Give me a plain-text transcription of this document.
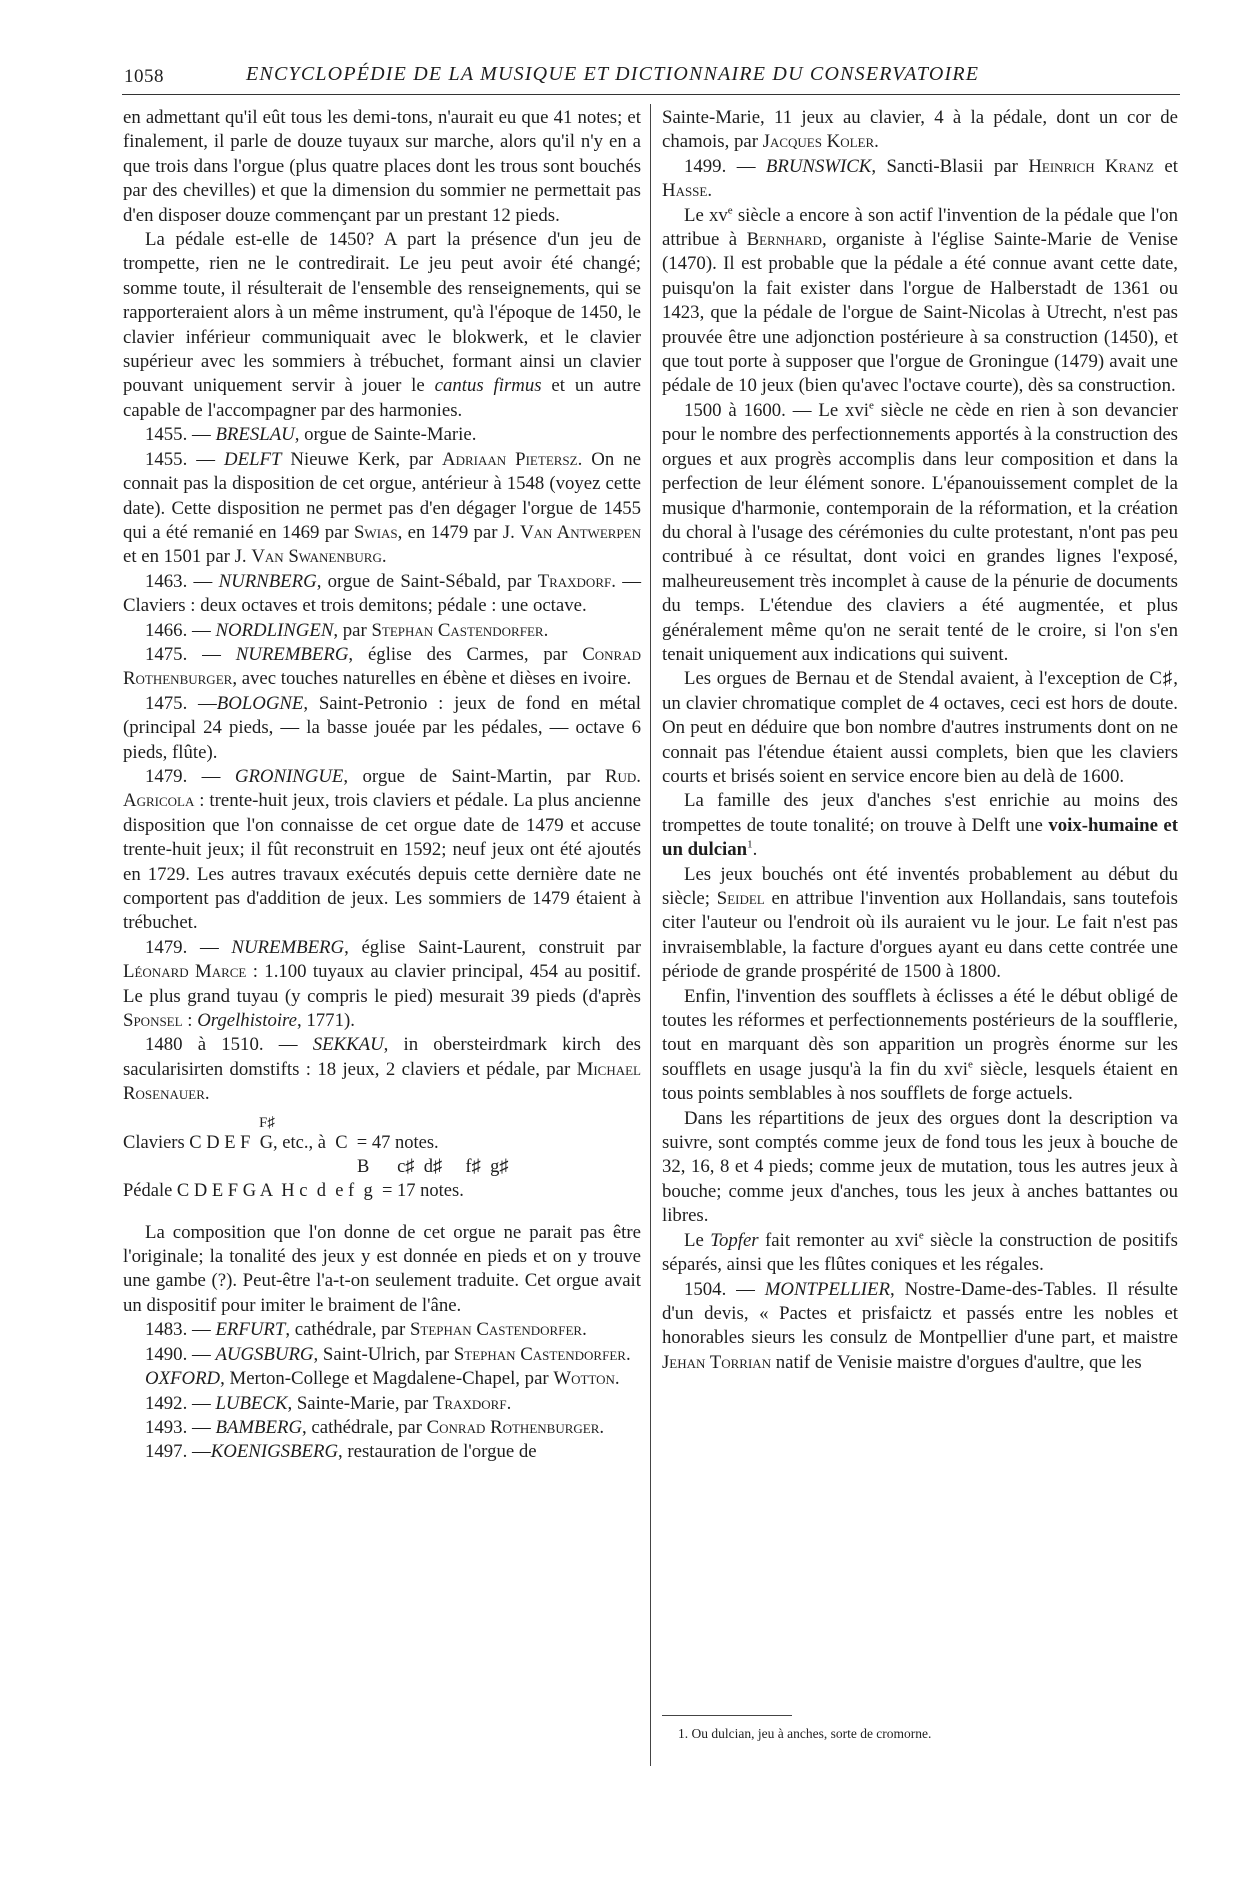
1058	ENCYCLOPÉDIE DE LA MUSIQUE ET DICTIONNAIRE DU CONSERVATOIRE

en admettant qu'il eût tous les demi-tons, n'aurait eu que 41 notes; et finalement, il parle de douze tuyaux sur marche, alors qu'il n'y en a que trois dans l'orgue (plus quatre places dont les trous sont bouchés par des chevilles) et que la dimension du sommier ne permettait pas d'en disposer douze commençant par un prestant 12 pieds.

La pédale est-elle de 1450? A part la présence d'un jeu de trompette, rien ne le contredirait. Le jeu peut avoir été changé; somme toute, il résulterait de l'ensemble des renseignements, qui se rapporteraient alors à un même instrument, qu'à l'époque de 1450, le clavier inférieur communiquait avec le blokwerk, et le clavier supérieur avec les sommiers à trébuchet, formant ainsi un clavier pouvant uniquement servir à jouer le cantus firmus et un autre capable de l'accompagner par des harmonies.

1455. — BRESLAU, orgue de Sainte-Marie.

1455. — DELFT Nieuwe Kerk, par Adriaan Pietersz. On ne connait pas la disposition de cet orgue, antérieur à 1548 (voyez cette date). Cette disposition ne permet pas d'en dégager l'orgue de 1455 qui a été remanié en 1469 par Swias, en 1479 par J. Van Antwerpen et en 1501 par J. Van Swanenburg.

1463. — NURNBERG, orgue de Saint-Sébald, par Traxdorf. — Claviers : deux octaves et trois demitons; pédale : une octave.

1466. — NORDLINGEN, par Stephan Castendorfer.

1475. — NUREMBERG, église des Carmes, par Conrad Rothenburger, avec touches naturelles en ébène et dièses en ivoire.

1475. —BOLOGNE, Saint-Petronio : jeux de fond en métal (principal 24 pieds, — la basse jouée par les pédales, — octave 6 pieds, flûte).

1479. — GRONINGUE, orgue de Saint-Martin, par Rud. Agricola : trente-huit jeux, trois claviers et pédale. La plus ancienne disposition que l'on connaisse de cet orgue date de 1479 et accuse trente-huit jeux; il fût reconstruit en 1592; neuf jeux ont été ajoutés en 1729. Les autres travaux exécutés depuis cette dernière date ne comportent pas d'addition de jeux. Les sommiers de 1479 étaient à trébuchet.

1479. — NUREMBERG, église Saint-Laurent, construit par Léonard Marce : 1.100 tuyaux au clavier principal, 454 au positif. Le plus grand tuyau (y compris le pied) mesurait 39 pieds (d'après Sponsel : Orgelhistoire, 1771).

1480 à 1510. — SEKKAU, in obersteirdmark kirch des sacularisirten domstifts : 18 jeux, 2 claviers et pédale, par Michael Rosenauer.

F♯
Claviers C D E F  G, etc., à  C  = 47 notes.
B      c♯  d♯     f♯  g♯
Pédale C D E F G A  H c  d  e f  g  = 17 notes.

La composition que l'on donne de cet orgue ne parait pas être l'originale; la tonalité des jeux y est donnée en pieds et on y trouve une gambe (?). Peut-être l'a-t-on seulement traduite. Cet orgue avait un dispositif pour imiter le braiment de l'âne.

1483. — ERFURT, cathédrale, par Stephan Castendorfer.

1490. — AUGSBURG, Saint-Ulrich, par Stephan Castendorfer.

OXFORD, Merton-College et Magdalene-Chapel, par Wotton.

1492. — LUBECK, Sainte-Marie, par Traxdorf.

1493. — BAMBERG, cathédrale, par Conrad Rothenburger.

1497. —KOENIGSBERG, restauration de l'orgue de

Sainte-Marie, 11 jeux au clavier, 4 à la pédale, dont un cor de chamois, par Jacques Koler.

1499. — BRUNSWICK, Sancti-Blasii par Heinrich Kranz et Hasse.

Le $xv^e$ siècle a encore à son actif l'invention de la pédale que l'on attribue à Bernhard, organiste à l'église Sainte-Marie de Venise (1470). Il est probable que la pédale a été connue avant cette date, puisqu'on la fait exister dans l'orgue de Halberstadt de 1361 ou 1423, que la pédale de l'orgue de Saint-Nicolas à Utrecht, n'est pas prouvée être une adjonction postérieure à sa construction (1450), et que tout porte à supposer que l'orgue de Groningue (1479) avait une pédale de 10 jeux (bien qu'avec l'octave courte), dès sa construction.

1500 à 1600. — Le xvi$^e$ siècle ne cède en rien à son devancier pour le nombre des perfectionnements apportés à la construction des orgues et aux progrès accomplis dans leur composition et dans la perfection de leur élément sonore. L'épanouissement complet de la musique d'harmonie, contemporain de la réformation, et la création du choral à l'usage des cérémonies du culte protestant, n'ont pas peu contribué à ce résultat, dont voici en grandes lignes l'exposé, malheureusement très incomplet à cause de la pénurie de documents du temps. L'étendue des claviers a été augmentée, et plus généralement même qu'on ne serait tenté de le croire, si l'on s'en tenait uniquement aux indications qui suivent.

Les orgues de Bernau et de Stendal avaient, à l'exception de C♯, un clavier chromatique complet de 4 octaves, ceci est hors de doute. On peut en déduire que bon nombre d'autres instruments dont on ne connait pas l'étendue étaient aussi complets, bien que les claviers courts et brisés soient en service encore bien au delà de 1600.

La famille des jeux d'anches s'est enrichie au moins des trompettes de toute tonalité; on trouve à Delft une voix-humaine et un dulcian$^1$.

Les jeux bouchés ont été inventés probablement au début du siècle; Seidel en attribue l'invention aux Hollandais, sans toutefois citer l'auteur ou l'endroit où ils auraient vu le jour. Le fait n'est pas invraisemblable, la facture d'orgues ayant eu dans cette contrée une période de grande prospérité de 1500 à 1800.

Enfin, l'invention des soufflets à éclisses a été le début obligé de toutes les réformes et perfectionnements postérieurs de la soufflerie, tout en marquant dès son apparition un progrès énorme sur les soufflets en usage jusqu'à la fin du xvi$^e$ siècle, lesquels étaient en tous points semblables à nos soufflets de forge actuels.

Dans les répartitions de jeux des orgues dont la description va suivre, sont comptés comme jeux de fond tous les jeux à bouche de 32, 16, 8 et 4 pieds; comme jeux de mutation, tous les autres jeux à bouche; comme jeux d'anches, tous les jeux à anches battantes ou libres.

Le Topfer fait remonter au xvi$^e$ siècle la construction de positifs séparés, ainsi que les flûtes coniques et les régales.

1504. — MONTPELLIER, Nostre-Dame-des-Tables. Il résulte d'un devis, « Pactes et prisfaictz et passés entre les nobles et honorables sieurs les consulz de Montpellier d'une part, et maistre Jehan Torrian natif de Venisie maistre d'orgues d'aultre, que les

1. Ou dulcian, jeu à anches, sorte de cromorne.
